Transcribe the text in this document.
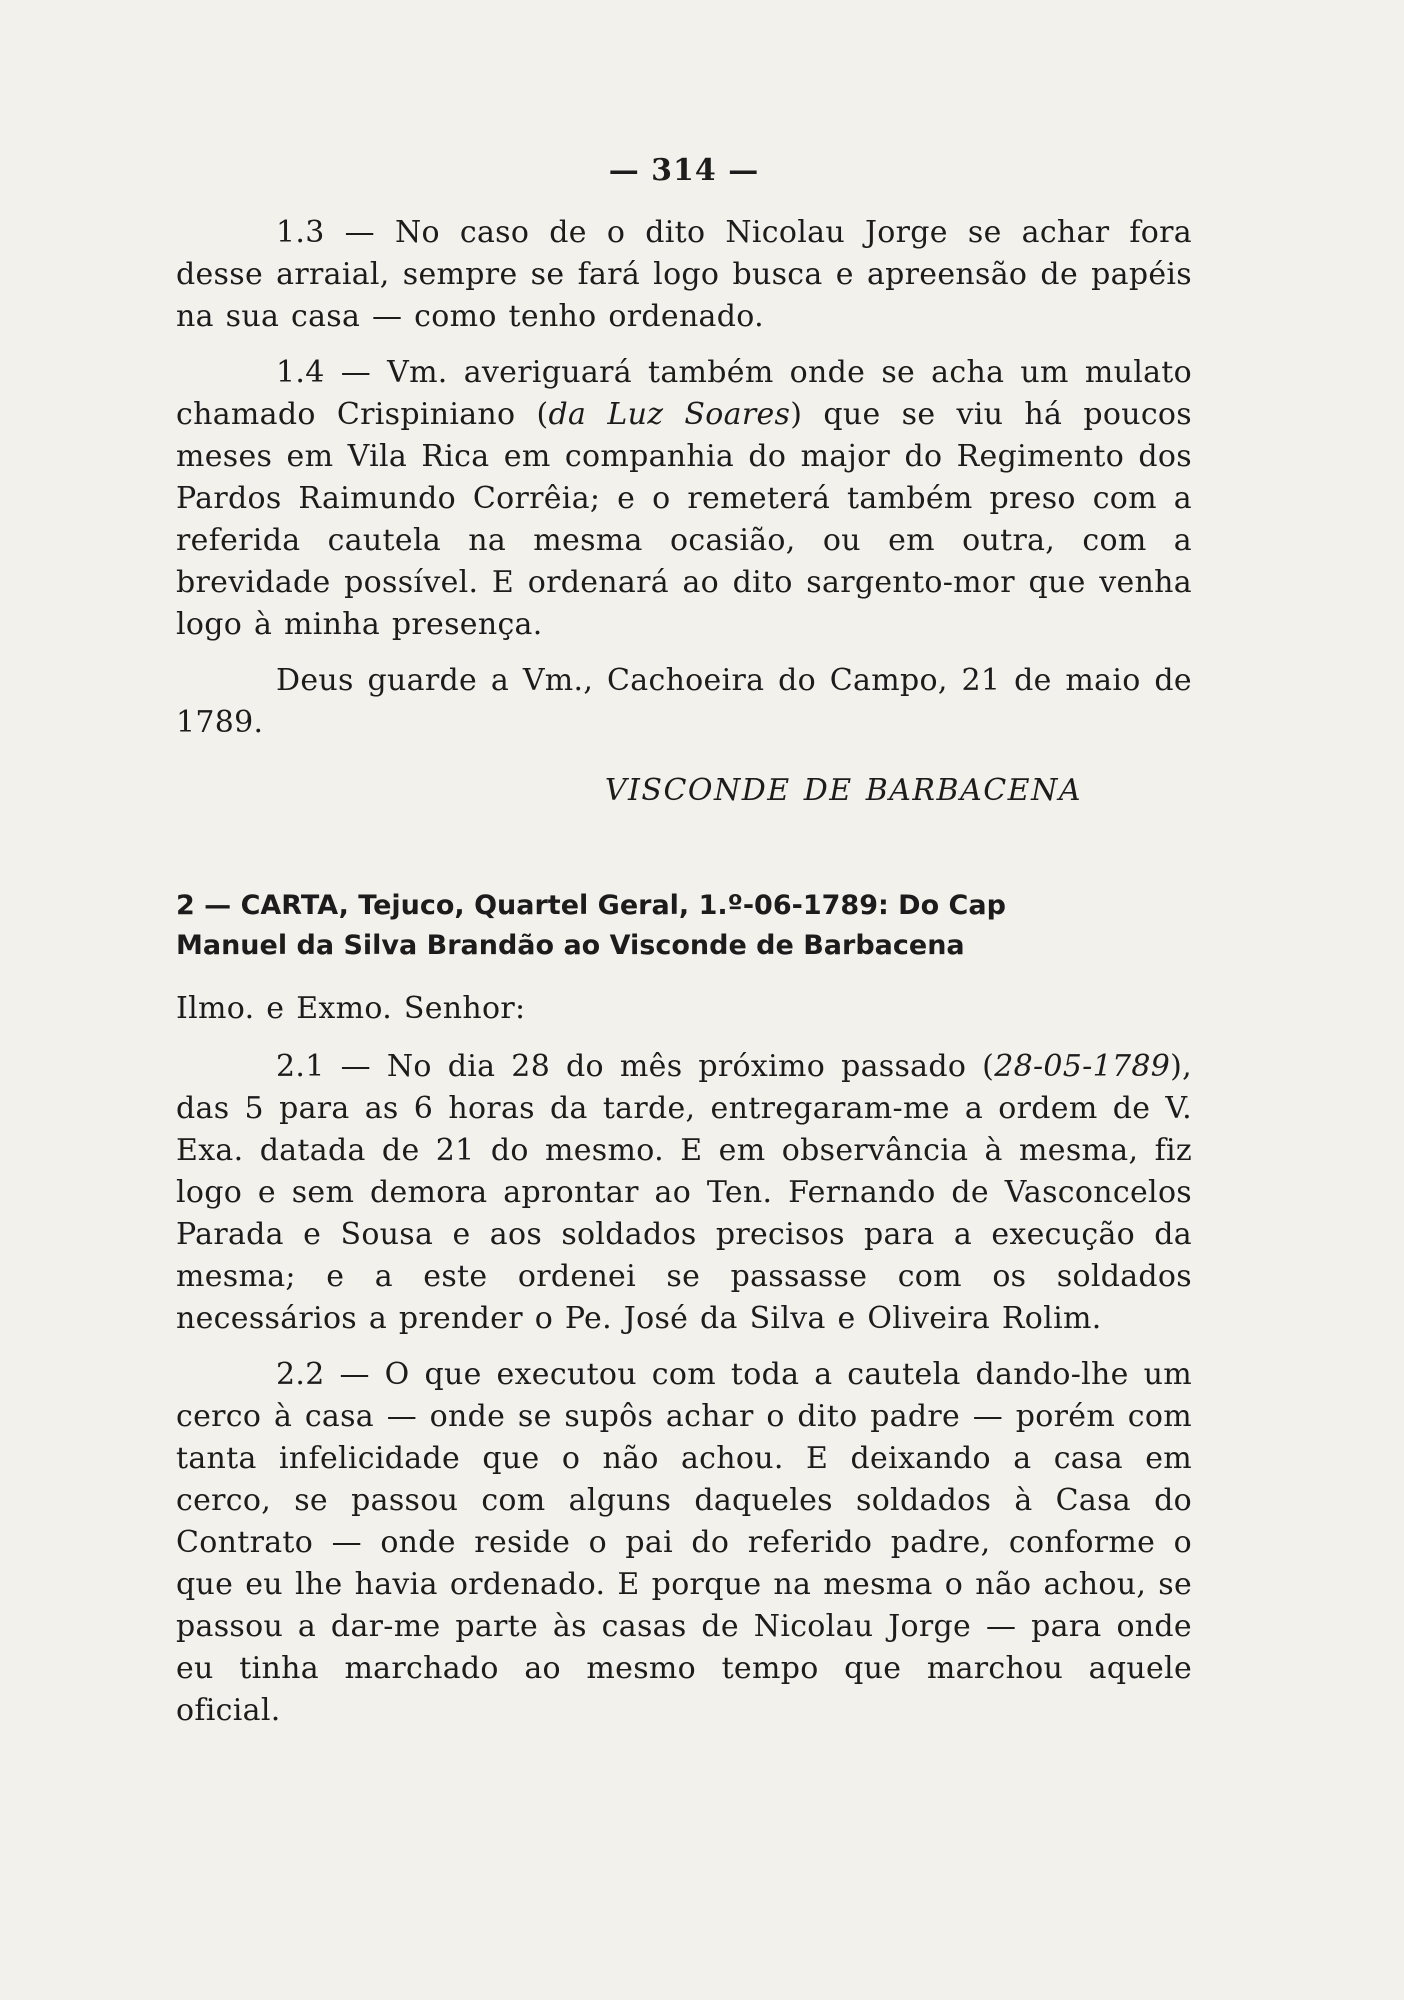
— 314 —

1.3 — No caso de o dito Nicolau Jorge se achar fora desse arraial, sempre se fará logo busca e apreensão de papéis na sua casa — como tenho ordenado.

1.4 — Vm. averiguará também onde se acha um mulato chamado Crispiniano (da Luz Soares) que se viu há poucos meses em Vila Rica em companhia do major do Regimento dos Pardos Raimundo Corrêia; e o remeterá também preso com a referida cautela na mesma ocasião, ou em outra, com a brevidade possível. E ordenará ao dito sargento-mor que venha logo à minha presença.

Deus guarde a Vm., Cachoeira do Campo, 21 de maio de 1789.

VISCONDE DE BARBACENA

2 — CARTA, Tejuco, Quartel Geral, 1.º-06-1789: Do Cap
Manuel da Silva Brandão ao Visconde de Barbacena

Ilmo. e Exmo. Senhor:

2.1 — No dia 28 do mês próximo passado (28-05-1789), das 5 para as 6 horas da tarde, entregaram-me a ordem de V. Exa. datada de 21 do mesmo. E em observância à mesma, fiz logo e sem demora aprontar ao Ten. Fernando de Vasconcelos Parada e Sousa e aos soldados precisos para a execução da mesma; e a este ordenei se passasse com os soldados necessários a prender o Pe. José da Silva e Oliveira Rolim.

2.2 — O que executou com toda a cautela dando-lhe um cerco à casa — onde se supôs achar o dito padre — porém com tanta infelicidade que o não achou. E deixando a casa em cerco, se passou com alguns daqueles soldados à Casa do Contrato — onde reside o pai do referido padre, conforme o que eu lhe havia ordenado. E porque na mesma o não achou, se passou a dar-me parte às casas de Nicolau Jorge — para onde eu tinha marchado ao mesmo tempo que marchou aquele oficial.
